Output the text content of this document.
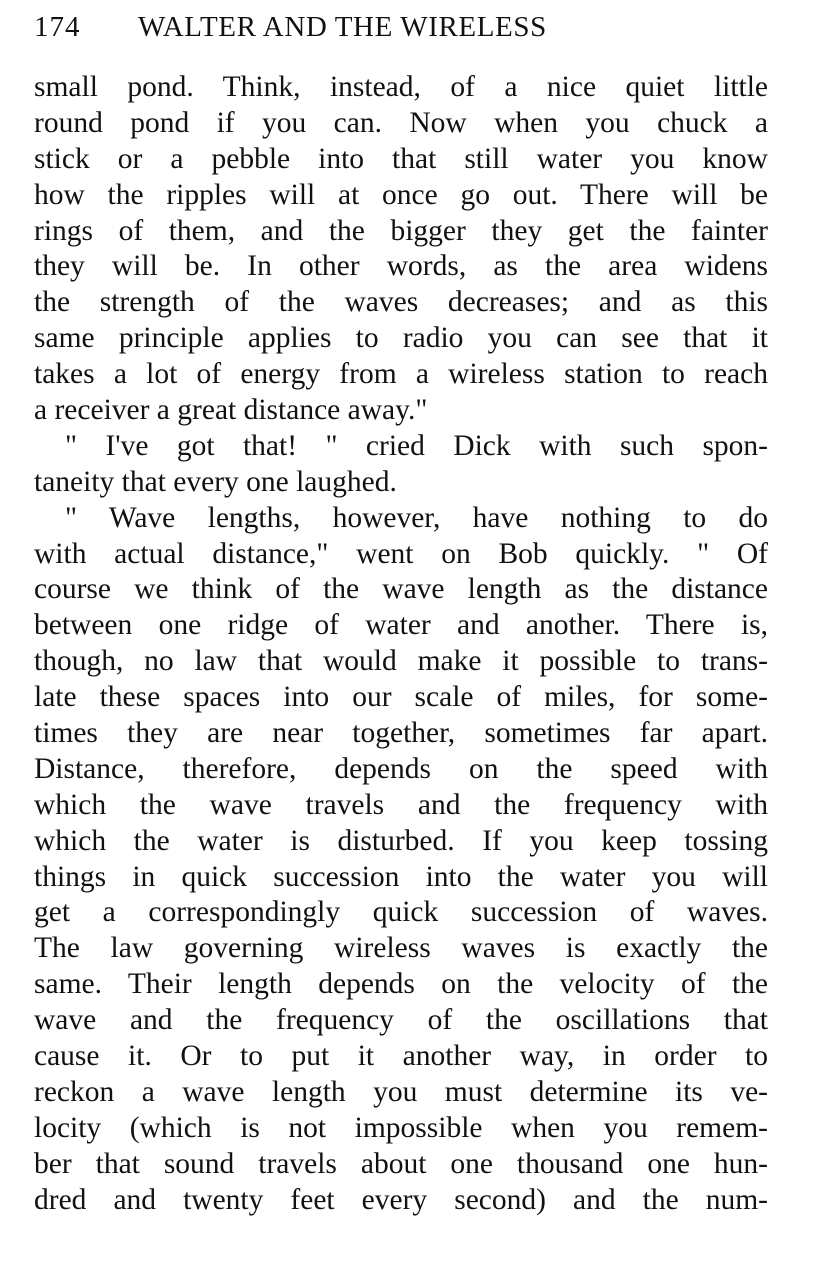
174	WALTER AND THE WIRELESS
small pond. Think, instead, of a nice quiet little
round pond if you can. Now when you chuck a
stick or a pebble into that still water you know
how the ripples will at once go out. There will be
rings of them, and the bigger they get the fainter
they will be. In other words, as the area widens
the strength of the waves decreases; and as this
same principle applies to radio you can see that it
takes a lot of energy from a wireless station to reach
a receiver a great distance away."
" I've got that! " cried Dick with such spon-
taneity that every one laughed.
" Wave lengths, however, have nothing to do
with actual distance," went on Bob quickly. " Of
course we think of the wave length as the distance
between one ridge of water and another. There is,
though, no law that would make it possible to trans-
late these spaces into our scale of miles, for some-
times they are near together, sometimes far apart.
Distance, therefore, depends on the speed with
which the wave travels and the frequency with
which the water is disturbed. If you keep tossing
things in quick succession into the water you will
get a correspondingly quick succession of waves.
The law governing wireless waves is exactly the
same. Their length depends on the velocity of the
wave and the frequency of the oscillations that
cause it. Or to put it another way, in order to
reckon a wave length you must determine its ve-
locity (which is not impossible when you remem-
ber that sound travels about one thousand one hun-
dred and twenty feet every second) and the num-
